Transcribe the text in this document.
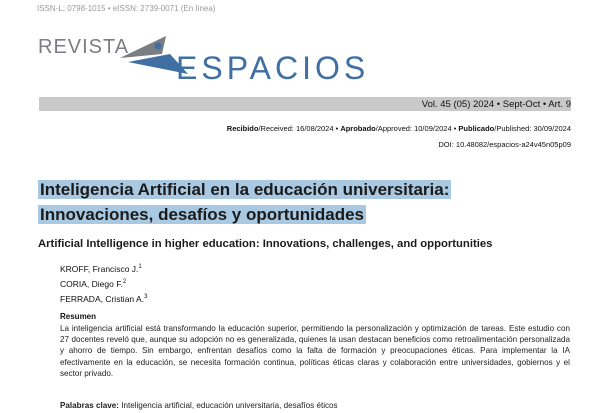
ISSN-L: 0798-1015 • eISSN: 2739-0071 (En línea)
REVISTA
ESPACIOS
Vol. 45 (05) 2024 • Sept-Oct • Art. 9
Recibido/Received: 16/08/2024 • Aprobado/Approved: 10/09/2024 • Publicado/Published: 30/09/2024
DOI: 10.48082/espacios-a24v45n05p09
Inteligencia Artificial en la educación universitaria:
Innovaciones, desafíos y oportunidades
Artificial Intelligence in higher education: Innovations, challenges, and opportunities
KROFF, Francisco J.$^1$
CORIA, Diego F.$^2$
FERRADA, Cristian A.$^3$
Resumen
La inteligencia artificial está transformando la educación superior, permitiendo la personalización y optimización de tareas. Este estudio con 27 docentes reveló que, aunque su adopción no es generalizada, quienes la usan destacan beneficios como retroalimentación personalizada y ahorro de tiempo. Sin embargo, enfrentan desafíos como la falta de formación y preocupaciones éticas. Para implementar la IA efectivamente en la educación, se necesita formación continua, políticas éticas claras y colaboración entre universidades, gobiernos y el sector privado.
Palabras clave: Inteligencia artificial, educación universitaria, desafíos éticos
